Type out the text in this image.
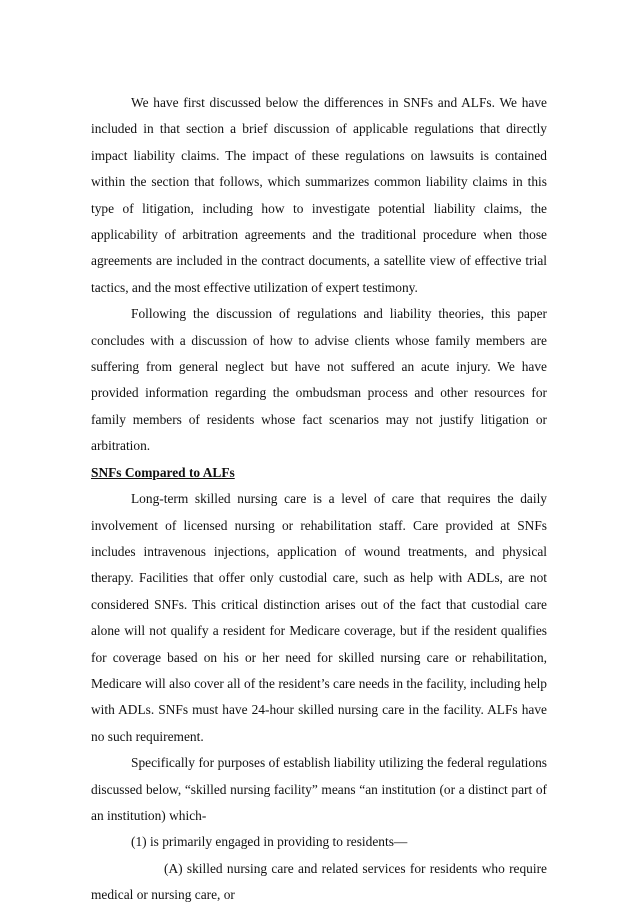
We have first discussed below the differences in SNFs and ALFs. We have included in that section a brief discussion of applicable regulations that directly impact liability claims. The impact of these regulations on lawsuits is contained within the section that follows, which summarizes common liability claims in this type of litigation, including how to investigate potential liability claims, the applicability of arbitration agreements and the traditional procedure when those agreements are included in the contract documents, a satellite view of effective trial tactics, and the most effective utilization of expert testimony.

Following the discussion of regulations and liability theories, this paper concludes with a discussion of how to advise clients whose family members are suffering from general neglect but have not suffered an acute injury. We have provided information regarding the ombudsman process and other resources for family members of residents whose fact scenarios may not justify litigation or arbitration.

SNFs Compared to ALFs

Long-term skilled nursing care is a level of care that requires the daily involvement of licensed nursing or rehabilitation staff. Care provided at SNFs includes intravenous injections, application of wound treatments, and physical therapy. Facilities that offer only custodial care, such as help with ADLs, are not considered SNFs. This critical distinction arises out of the fact that custodial care alone will not qualify a resident for Medicare coverage, but if the resident qualifies for coverage based on his or her need for skilled nursing care or rehabilitation, Medicare will also cover all of the resident’s care needs in the facility, including help with ADLs. SNFs must have 24-hour skilled nursing care in the facility. ALFs have no such requirement.

Specifically for purposes of establish liability utilizing the federal regulations discussed below, “skilled nursing facility” means “an institution (or a distinct part of an institution) which-

(1) is primarily engaged in providing to residents—

(A) skilled nursing care and related services for residents who require medical or nursing care, or
